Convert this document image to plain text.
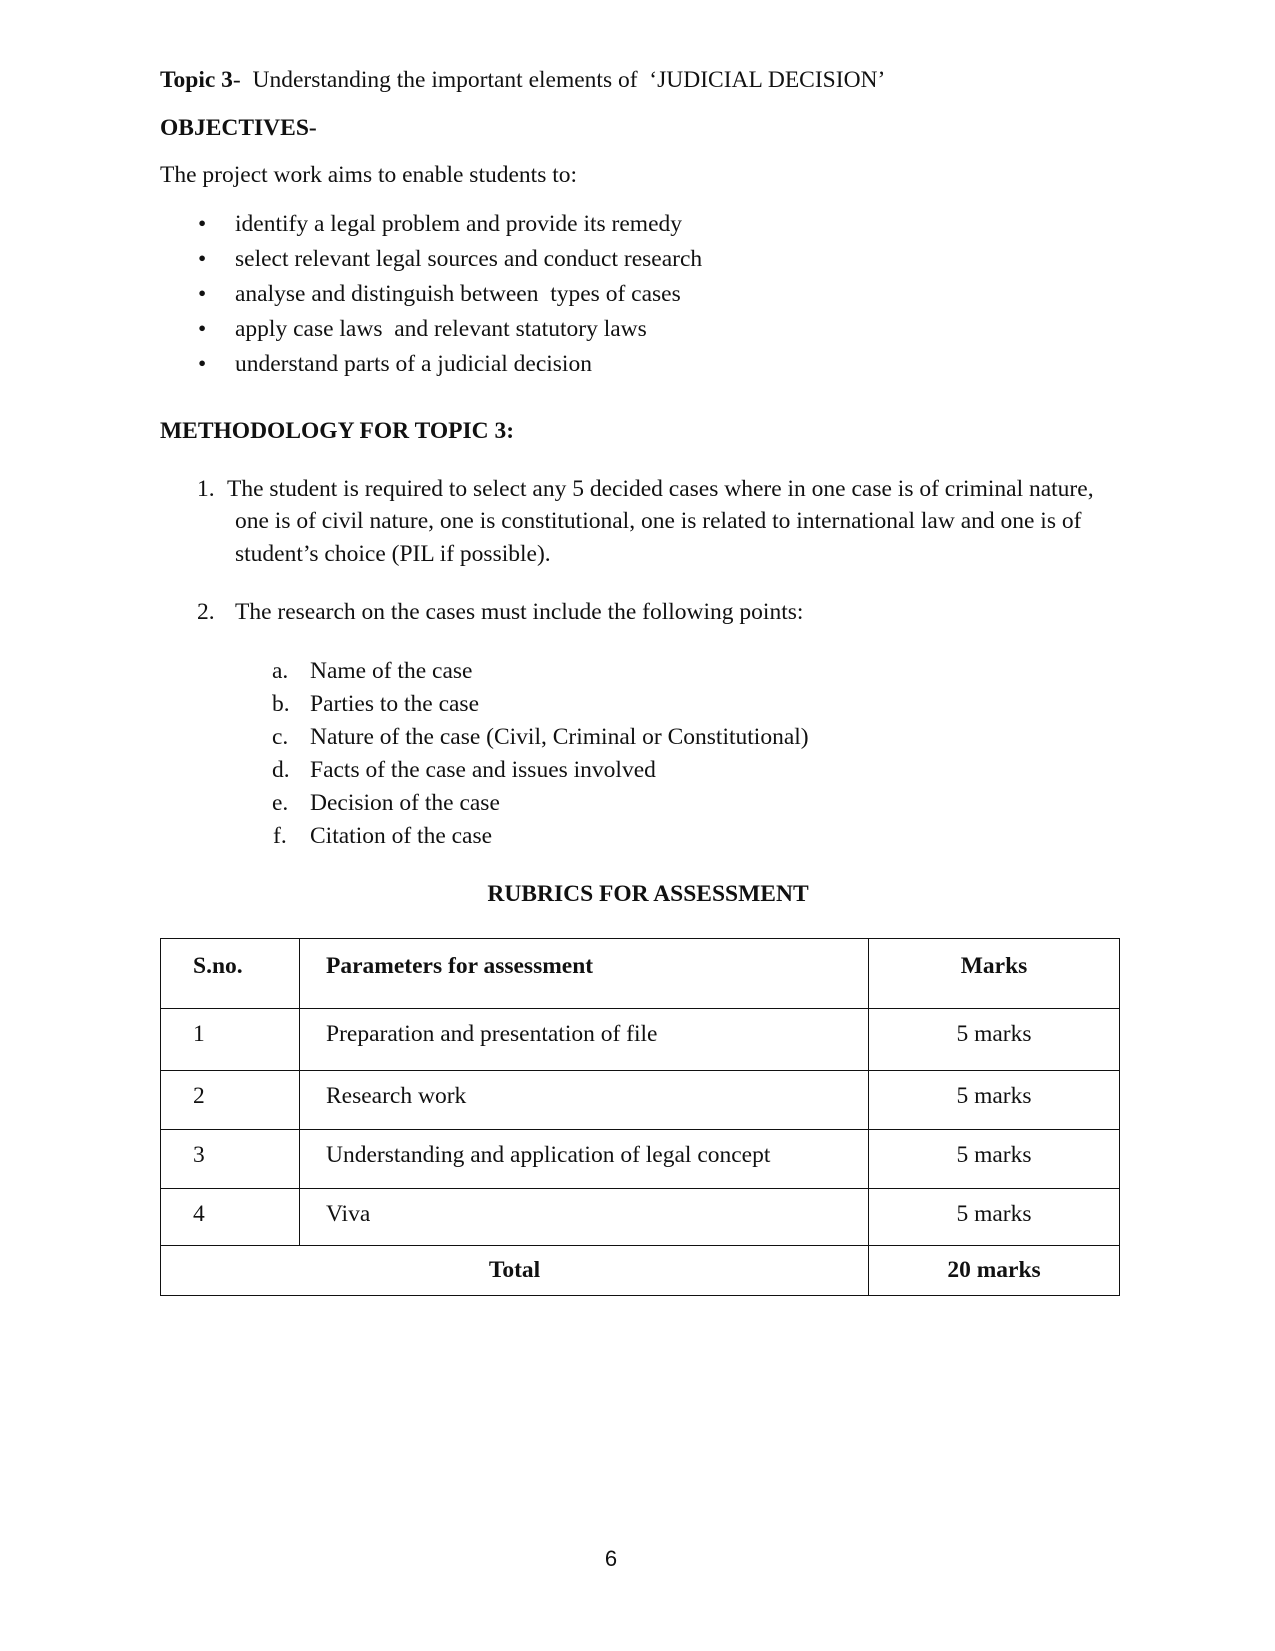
Topic 3-  Understanding the important elements of  ‘JUDICIAL DECISION’
OBJECTIVES-
The project work aims to enable students to:
• identify a legal problem and provide its remedy
• select relevant legal sources and conduct research
• analyse and distinguish between  types of cases
• apply case laws  and relevant statutory laws
• understand parts of a judicial decision
METHODOLOGY FOR TOPIC 3:
1. The student is required to select any 5 decided cases where in one case is of criminal nature,
one is of civil nature, one is constitutional, one is related to international law and one is of
student’s choice (PIL if possible).
2. The research on the cases must include the following points:
a. Name of the case
b. Parties to the case
c. Nature of the case (Civil, Criminal or Constitutional)
d. Facts of the case and issues involved
e. Decision of the case
f. Citation of the case
RUBRICS FOR ASSESSMENT
S.no.	Parameters for assessment	Marks
1	Preparation and presentation of file	5 marks
2	Research work	5 marks
3	Understanding and application of legal concept	5 marks
4	Viva	5 marks
Total		20 marks
6
